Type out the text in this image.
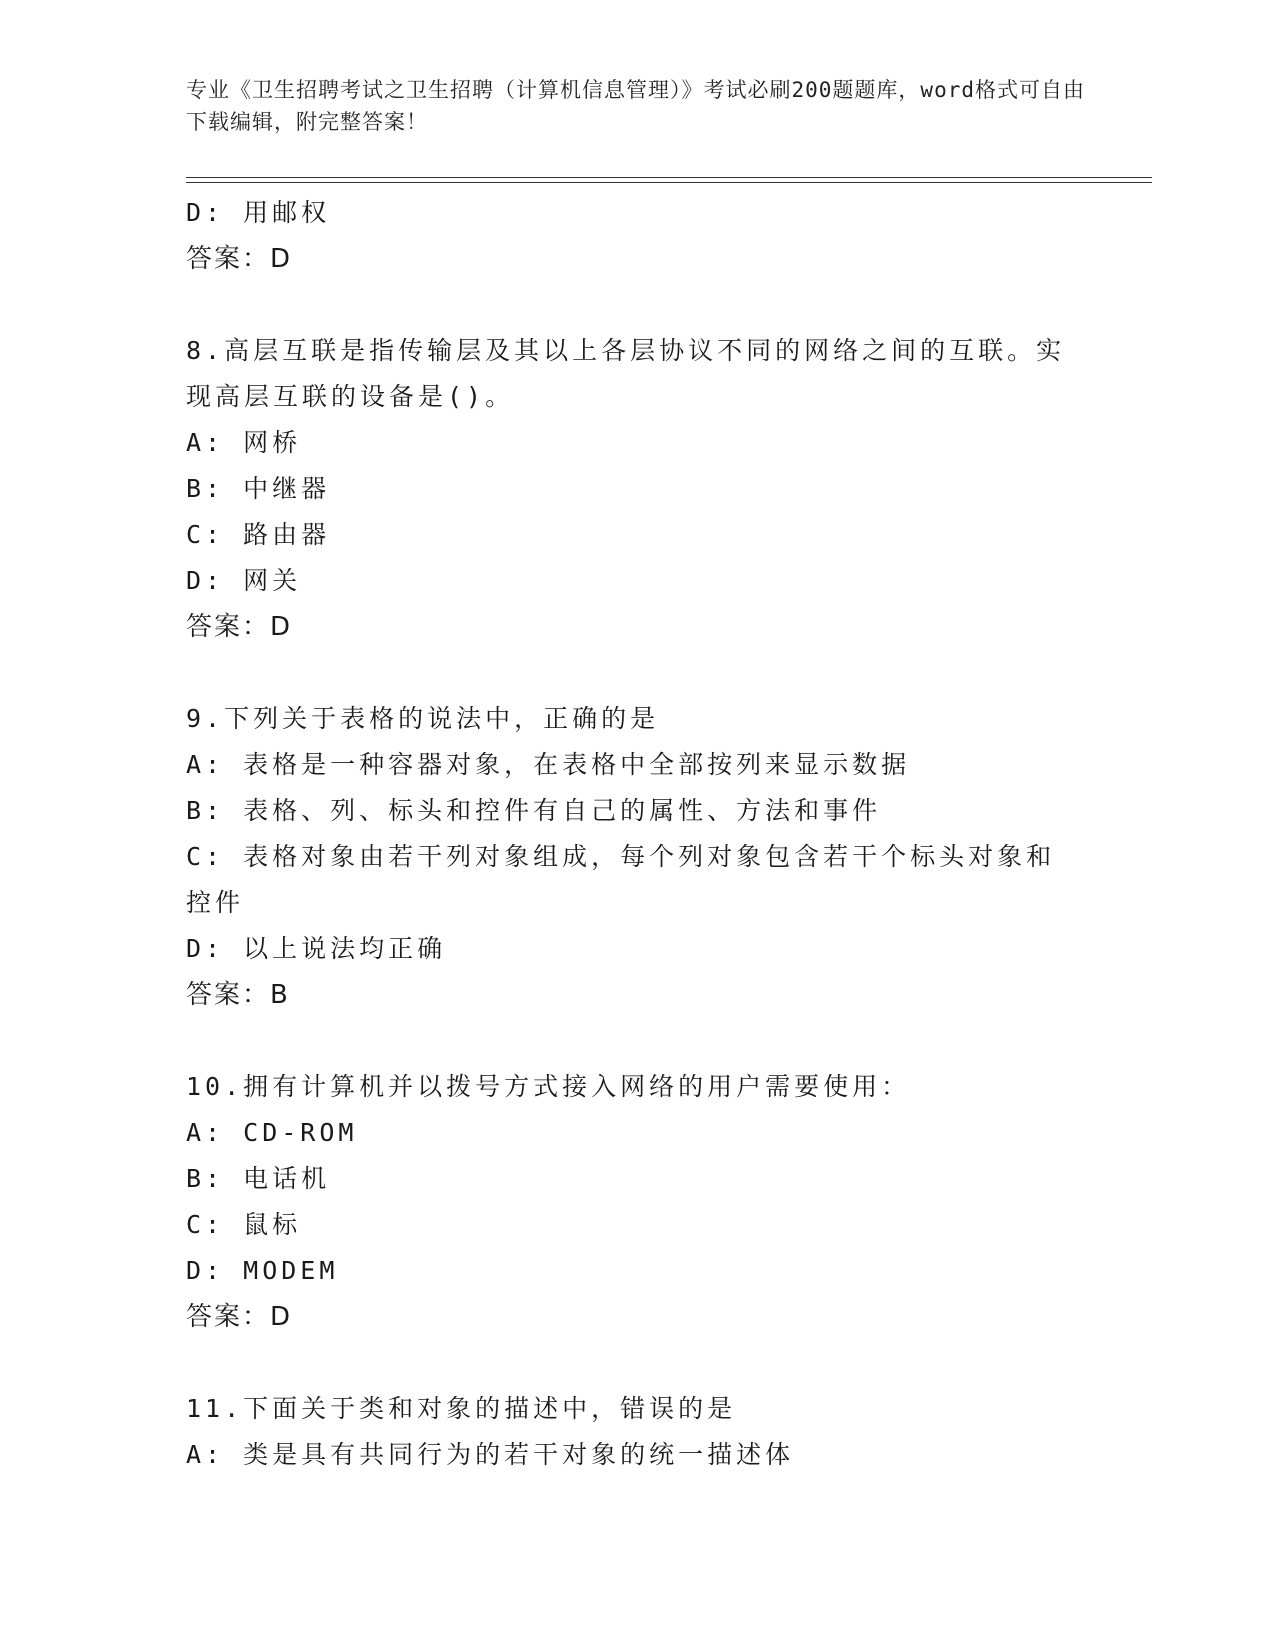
专业《卫生招聘考试之卫生招聘（计算机信息管理）》考试必刷200题题库，word格式可自由下载编辑，附完整答案！
D: 用邮权
答案：D
8.高层互联是指传输层及其以上各层协议不同的网络之间的互联。实现高层互联的设备是()。
A: 网桥
B: 中继器
C: 路由器
D: 网关
答案：D
9.下列关于表格的说法中，正确的是
A: 表格是一种容器对象，在表格中全部按列来显示数据
B: 表格、列、标头和控件有自己的属性、方法和事件
C: 表格对象由若干列对象组成，每个列对象包含若干个标头对象和控件
D: 以上说法均正确
答案：B
10.拥有计算机并以拨号方式接入网络的用户需要使用：
A: CD-ROM
B: 电话机
C: 鼠标
D: MODEM
答案：D
11.下面关于类和对象的描述中，错误的是
A: 类是具有共同行为的若干对象的统一描述体
